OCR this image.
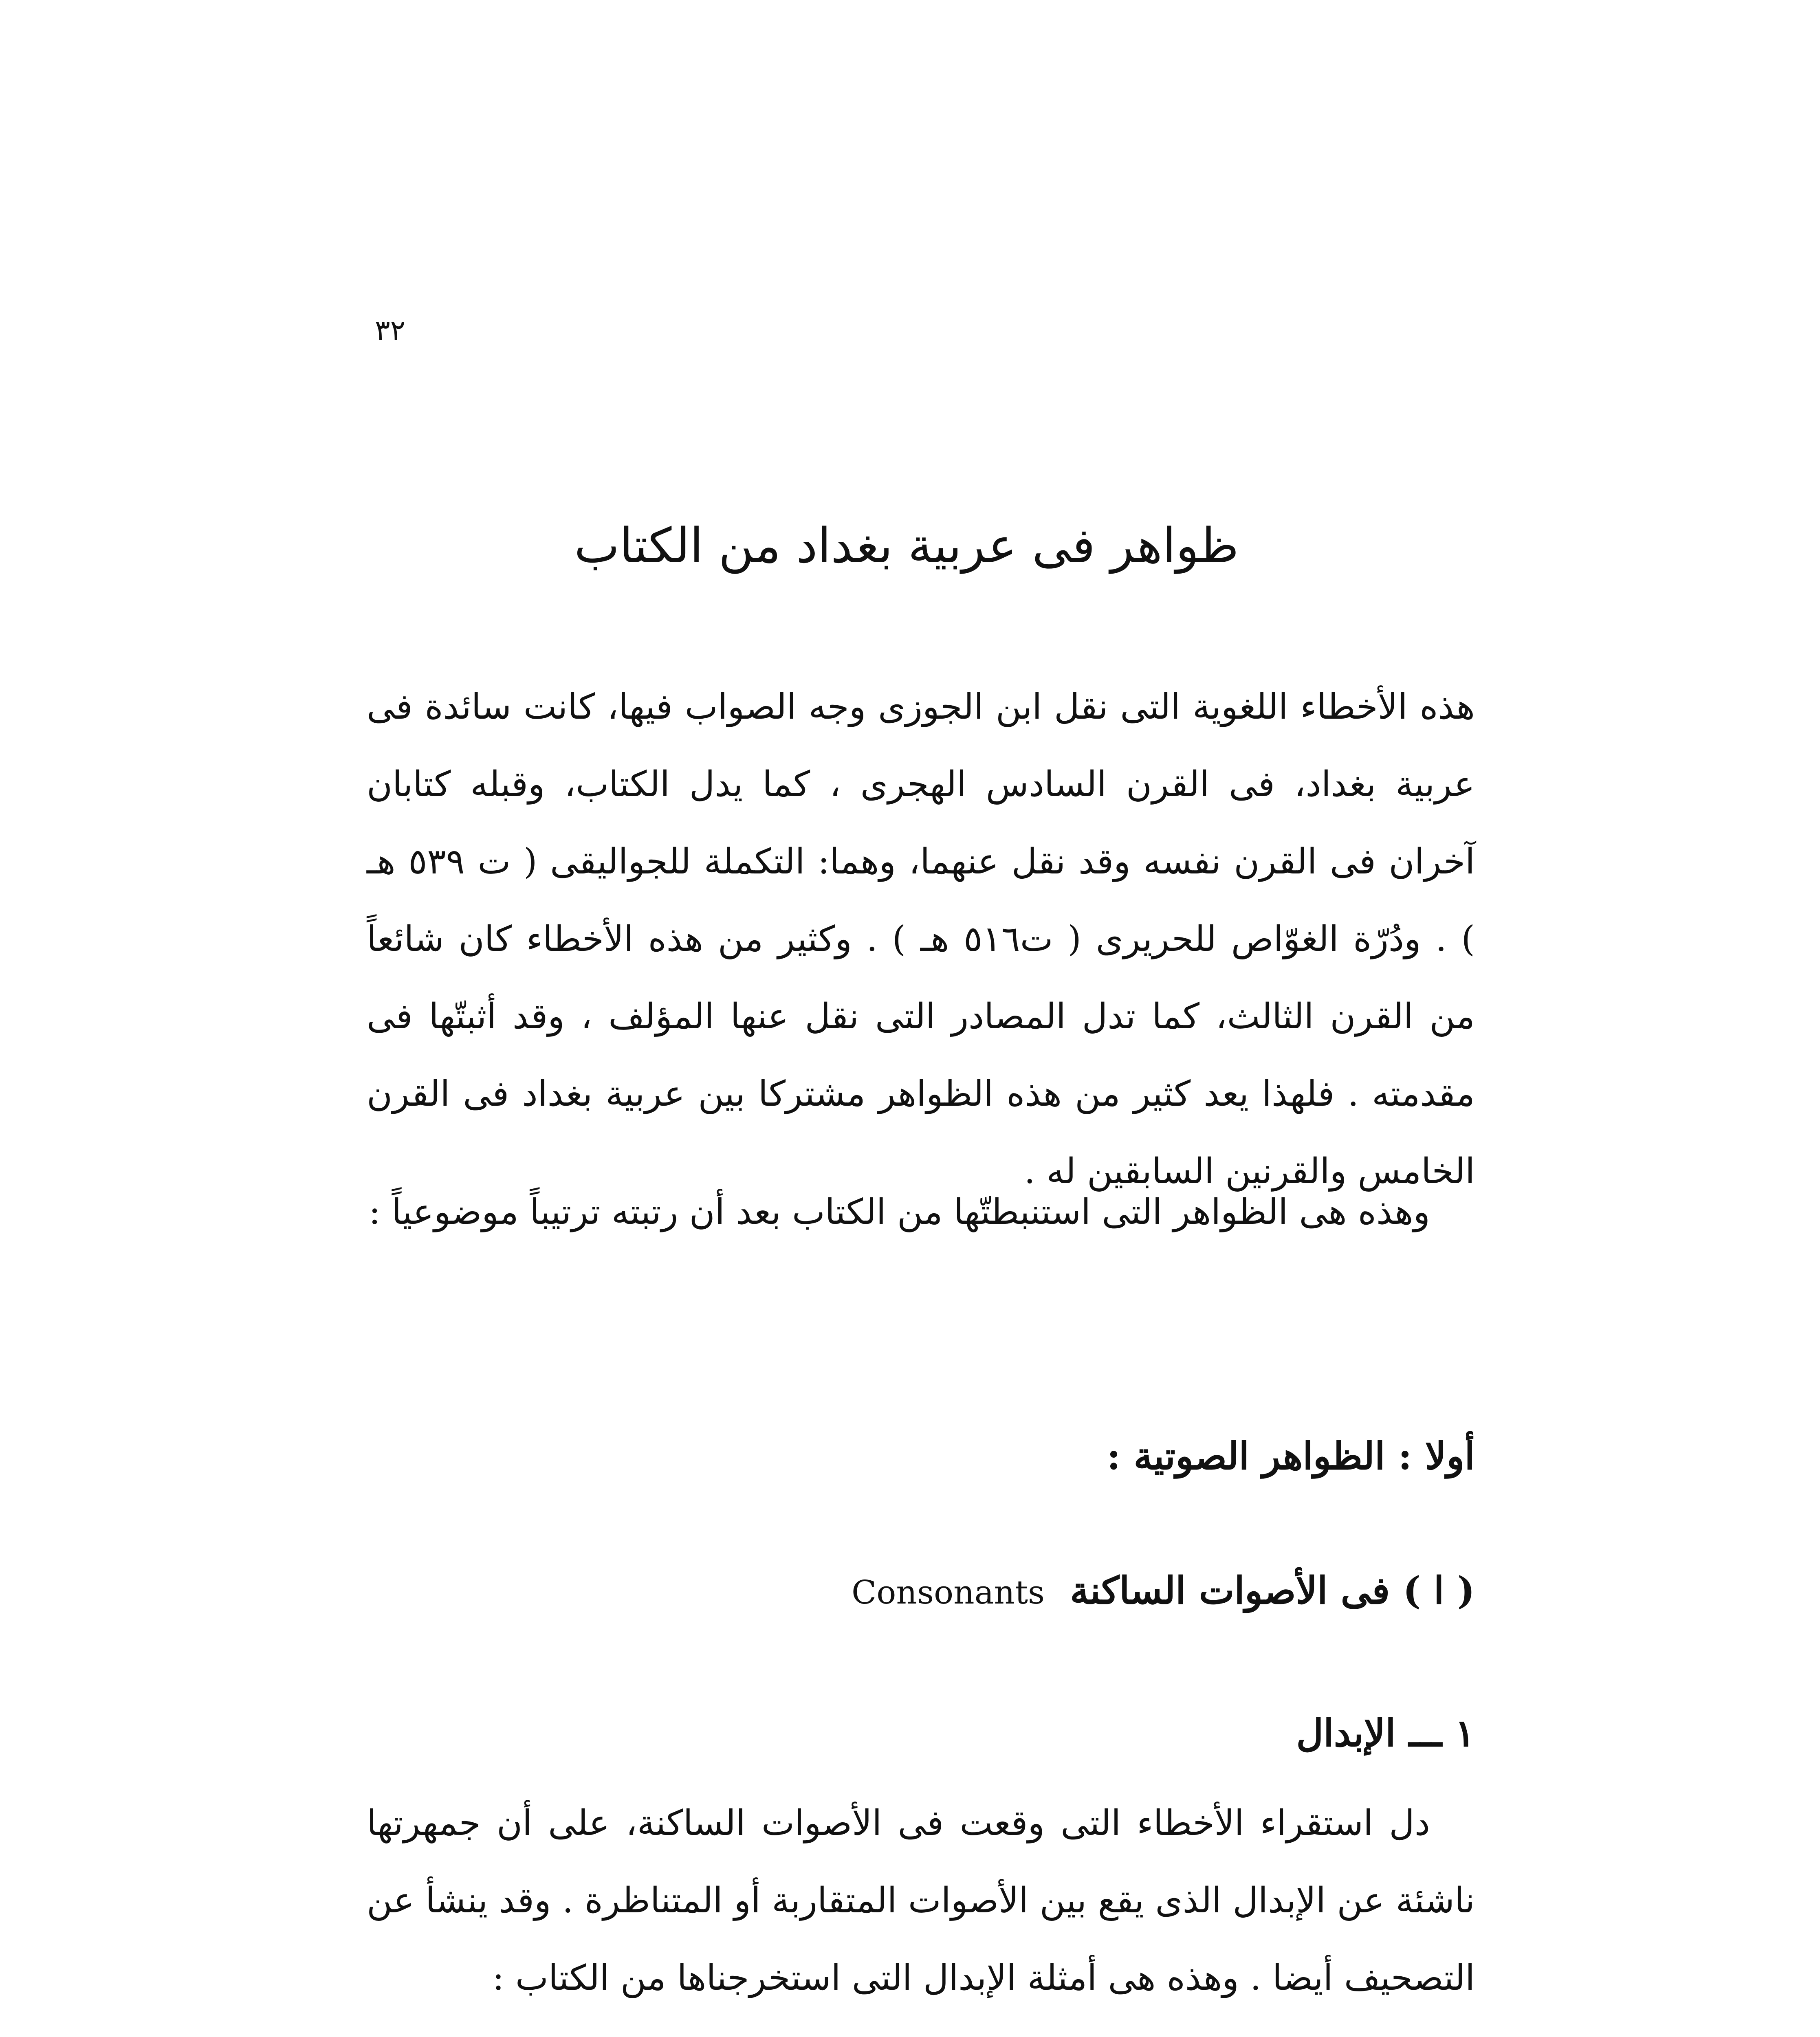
٣٢
ظواهر فى عربية بغداد من الكتاب

هذه الأخطاء اللغوية التى نقل ابن الجوزى وجه الصواب فيها، كانت سائدة فى عربية بغداد، فى القرن السادس الهجرى ، كما يدل الكتاب، وقبله كتابان آخران فى القرن نفسه وقد نقل عنهما، وهما: التكملة للجواليقى ( ت ٥٣٩ هـ ) . ودُرّة الغوّاص للحريرى ( ت٥١٦ هـ ) . وكثير من هذه الأخطاء كان شائعاً من القرن الثالث، كما تدل المصادر التى نقل عنها المؤلف ، وقد أثبتّها فى مقدمته . فلهذا يعد كثير من هذه الظواهر مشتركا بين عربية بغداد فى القرن الخامس والقرنين السابقين له .

وهذه هى الظواهر التى استنبطتّها من الكتاب بعد أن رتبته ترتيباً موضوعياً :

أولا : الظواهر الصوتية :
( ا ) فى الأصوات الساكنة Consonants
١ ـــ الإبدال

دل استقراء الأخطاء التى وقعت فى الأصوات الساكنة، على أن جمهرتها ناشئة عن الإبدال الذى يقع بين الأصوات المتقاربة أو المتناظرة . وقد ينشأ عن التصحيف أيضا . وهذه هى أمثلة الإبدال التى استخرجناها من الكتاب :
